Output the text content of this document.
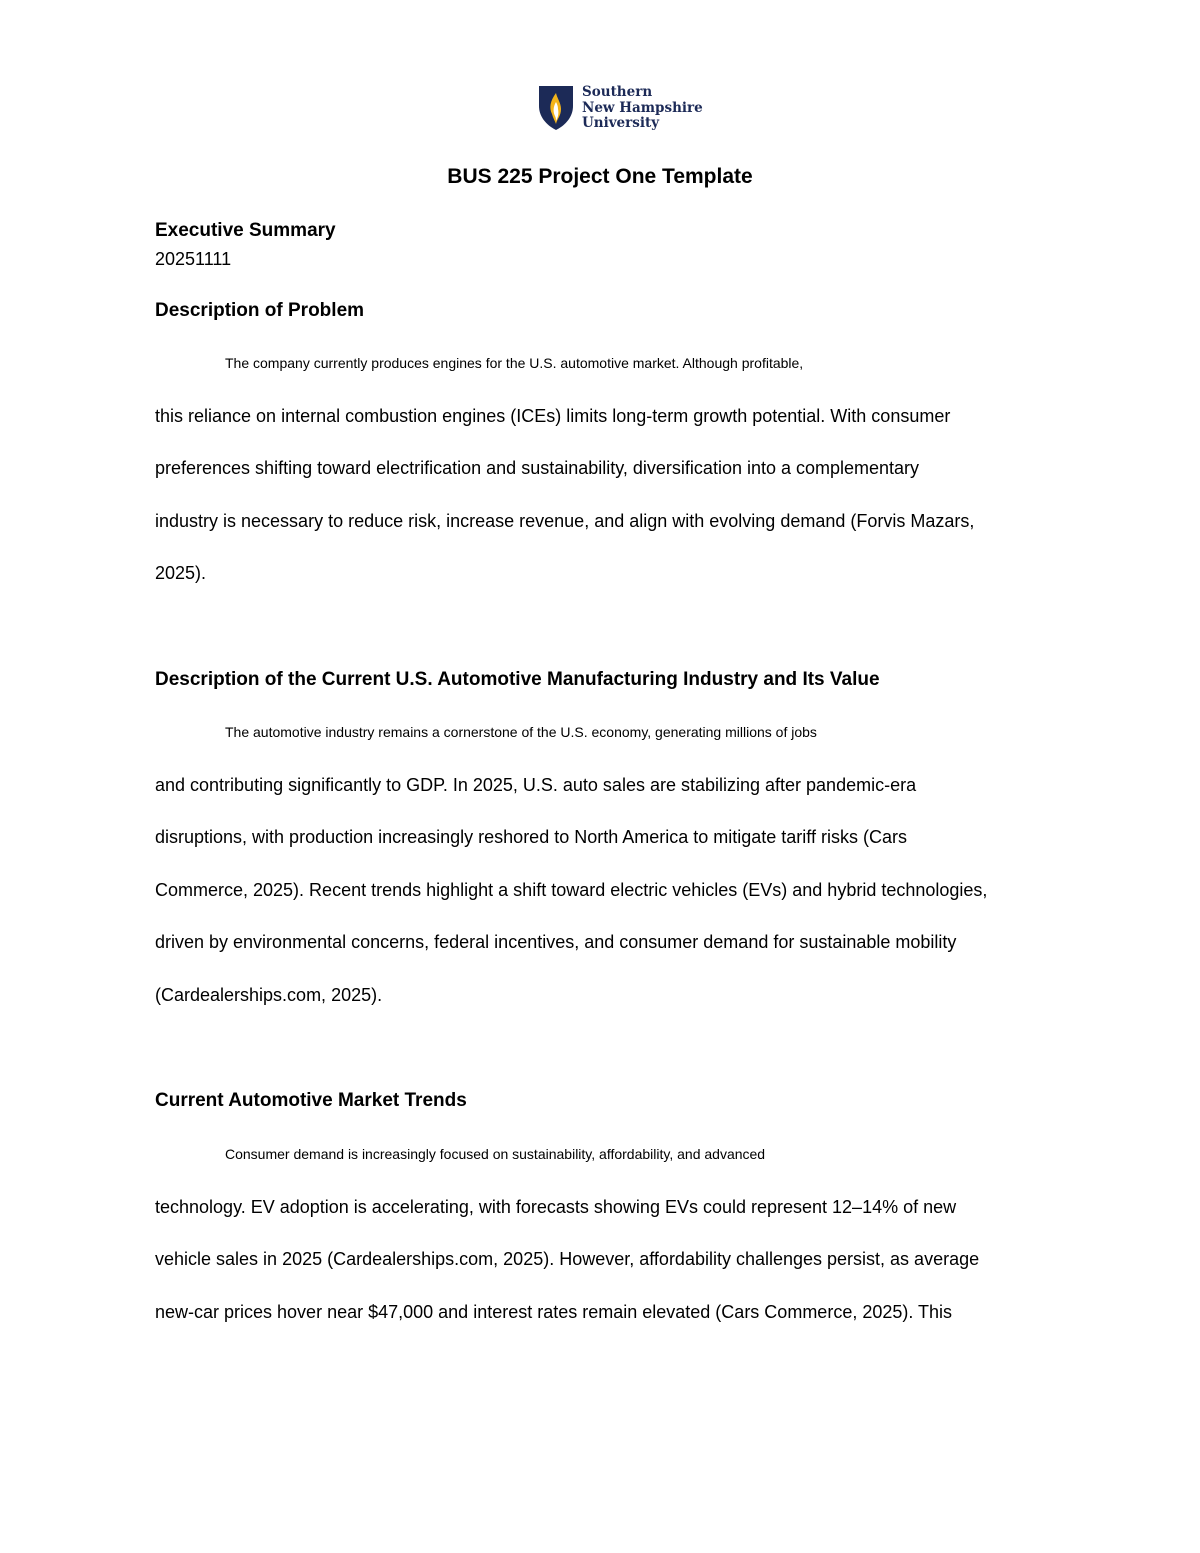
Southern
New Hampshire
University
BUS 225 Project One Template
Executive Summary
20251111
Description of Problem

The company currently produces engines for the U.S. automotive market. Although profitable,
this reliance on internal combustion engines (ICEs) limits long-term growth potential. With consumer
preferences shifting toward electrification and sustainability, diversification into a complementary
industry is necessary to reduce risk, increase revenue, and align with evolving demand (Forvis Mazars,
2025).

Description of the Current U.S. Automotive Manufacturing Industry and Its Value

The automotive industry remains a cornerstone of the U.S. economy, generating millions of jobs
and contributing significantly to GDP. In 2025, U.S. auto sales are stabilizing after pandemic-era
disruptions, with production increasingly reshored to North America to mitigate tariff risks (Cars
Commerce, 2025). Recent trends highlight a shift toward electric vehicles (EVs) and hybrid technologies,
driven by environmental concerns, federal incentives, and consumer demand for sustainable mobility
(Cardealerships.com, 2025).

Current Automotive Market Trends

Consumer demand is increasingly focused on sustainability, affordability, and advanced
technology. EV adoption is accelerating, with forecasts showing EVs could represent 12–14% of new
vehicle sales in 2025 (Cardealerships.com, 2025). However, affordability challenges persist, as average
new-car prices hover near $47,000 and interest rates remain elevated (Cars Commerce, 2025). This
